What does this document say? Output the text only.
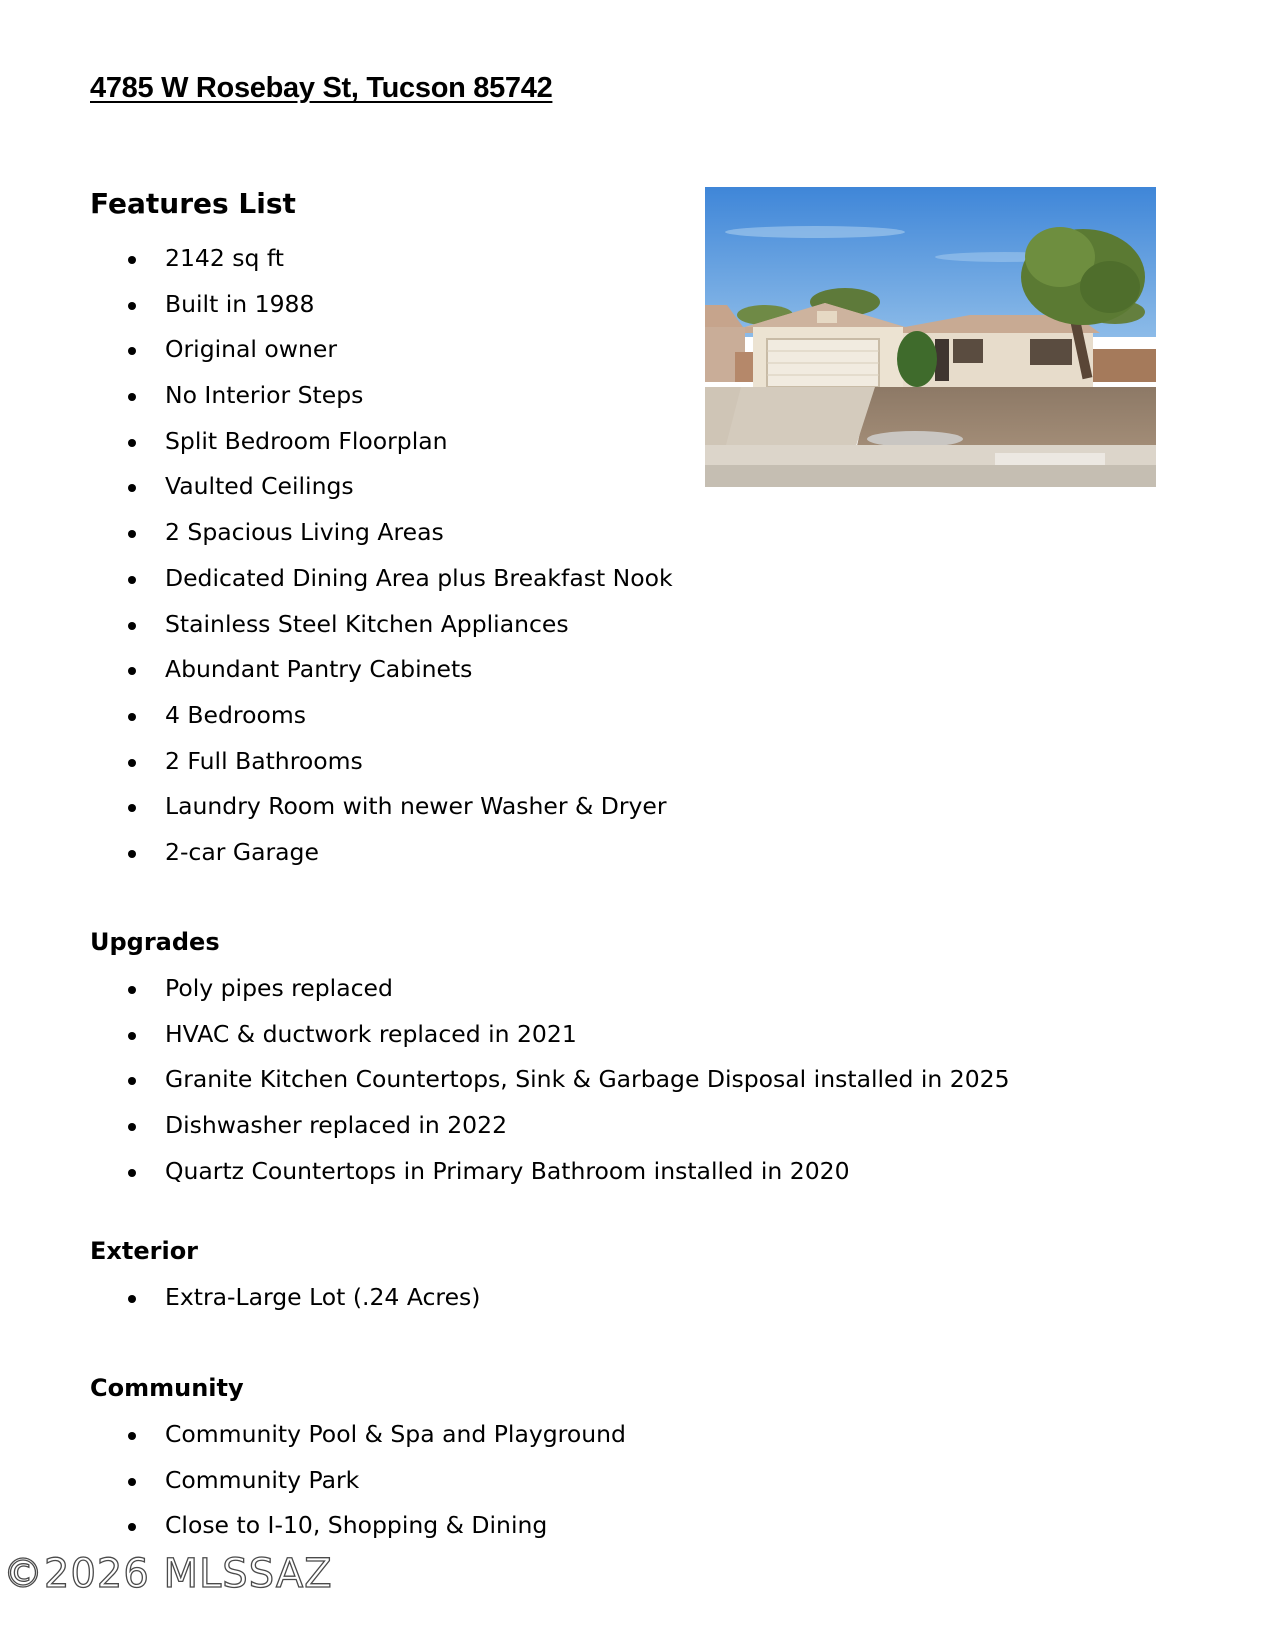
4785 W Rosebay St, Tucson 85742
Features List
2142 sq ft
Built in 1988
Original owner
No Interior Steps
Split Bedroom Floorplan
Vaulted Ceilings
2 Spacious Living Areas
Dedicated Dining Area plus Breakfast Nook
Stainless Steel Kitchen Appliances
Abundant Pantry Cabinets
4 Bedrooms
2 Full Bathrooms
Laundry Room with newer Washer & Dryer
2-car Garage
Upgrades
Poly pipes replaced
HVAC & ductwork replaced in 2021
Granite Kitchen Countertops, Sink & Garbage Disposal installed in 2025
Dishwasher replaced in 2022
Quartz Countertops in Primary Bathroom installed in 2020
Exterior
Extra-Large Lot (.24 Acres)
Community
Community Pool & Spa and Playground
Community Park
Close to I-10, Shopping & Dining
©2026 MLSSAZ
